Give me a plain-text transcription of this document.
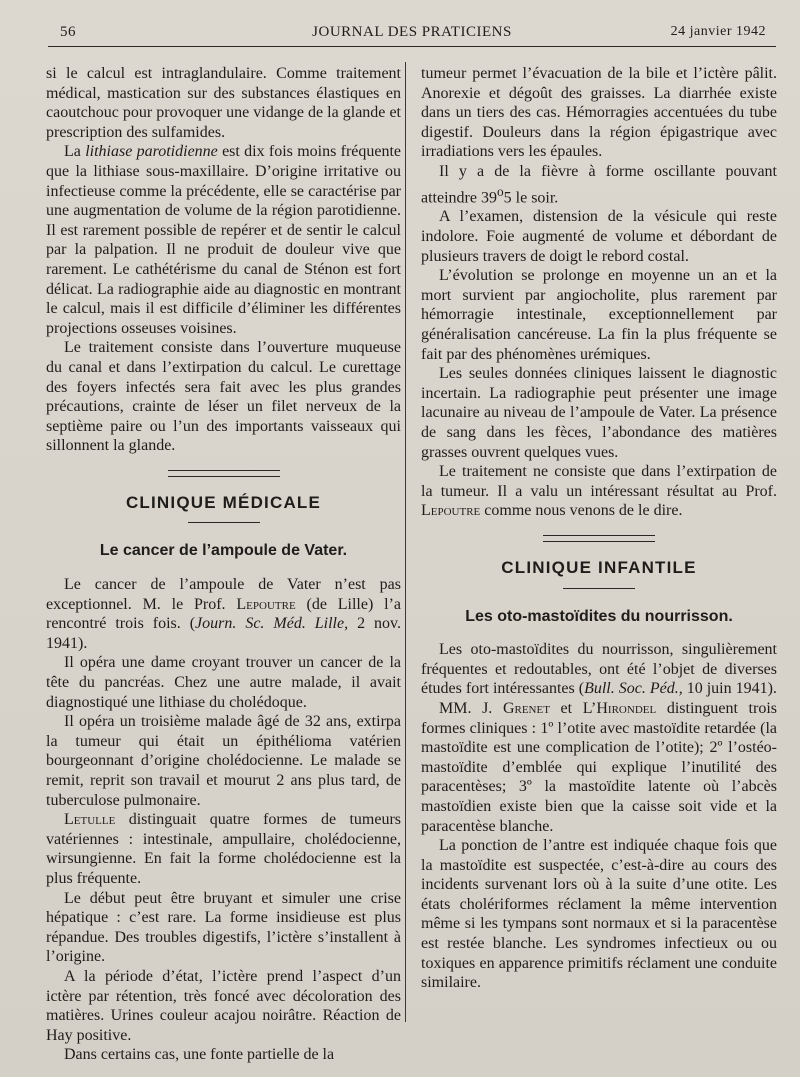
56	JOURNAL DES PRATICIENS	24 janvier 1942

si le calcul est intraglandulaire. Comme traitement médical, mastication sur des substances élastiques en caoutchouc pour provoquer une vidange de la glande et prescription des sulfamides.

La lithiase parotidienne est dix fois moins fréquente que la lithiase sous-maxillaire. D’origine irritative ou infectieuse comme la précédente, elle se caractérise par une augmentation de volume de la région parotidienne. Il est rarement possible de repérer et de sentir le calcul par la palpation. Il ne produit de douleur vive que rarement. Le cathétérisme du canal de Sténon est fort délicat. La radiographie aide au diagnostic en montrant le calcul, mais il est difficile d’éliminer les différentes projections osseuses voisines.

Le traitement consiste dans l’ouverture muqueuse du canal et dans l’extirpation du calcul. Le curettage des foyers infectés sera fait avec les plus grandes précautions, crainte de léser un filet nerveux de la septième paire ou l’un des importants vaisseaux qui sillonnent la glande.

CLINIQUE MÉDICALE
Le cancer de l’ampoule de Vater.

Le cancer de l’ampoule de Vater n’est pas exceptionnel. M. le Prof. Lepoutre (de Lille) l’a rencontré trois fois. (Journ. Sc. Méd. Lille, 2 nov. 1941).

Il opéra une dame croyant trouver un cancer de la tête du pancréas. Chez une autre malade, il avait diagnostiqué une lithiase du cholédoque.

Il opéra un troisième malade âgé de 32 ans, extirpa la tumeur qui était un épithélioma vatérien bourgeonnant d’origine cholédocienne. Le malade se remit, reprit son travail et mourut 2 ans plus tard, de tuberculose pulmonaire.

Letulle distinguait quatre formes de tumeurs vatériennes : intestinale, ampullaire, cholédocienne, wirsungienne. En fait la forme cholédocienne est la plus fréquente.

Le début peut être bruyant et simuler une crise hépatique : c’est rare. La forme insidieuse est plus répandue. Des troubles digestifs, l’ictère s’installent à l’origine.

A la période d’état, l’ictère prend l’aspect d’un ictère par rétention, très foncé avec décoloration des matières. Urines couleur acajou noirâtre. Réaction de Hay positive.

Dans certains cas, une fonte partielle de la

tumeur permet l’évacuation de la bile et l’ictère pâlit. Anorexie et dégoût des graisses. La diarrhée existe dans un tiers des cas. Hémorragies accentuées du tube digestif. Douleurs dans la région épigastrique avec irradiations vers les épaules.

Il y a de la fièvre à forme oscillante pouvant atteindre 39$^o$5 le soir.

A l’examen, distension de la vésicule qui reste indolore. Foie augmenté de volume et débordant de plusieurs travers de doigt le rebord costal.

L’évolution se prolonge en moyenne un an et la mort survient par angiocholite, plus rarement par hémorragie intestinale, exceptionnellement par généralisation cancéreuse. La fin la plus fréquente se fait par des phénomènes urémiques.

Les seules données cliniques laissent le diagnostic incertain. La radiographie peut présenter une image lacunaire au niveau de l’ampoule de Vater. La présence de sang dans les fèces, l’abondance des matières grasses ouvrent quelques vues.

Le traitement ne consiste que dans l’extirpation de la tumeur. Il a valu un intéressant résultat au Prof. Lepoutre comme nous venons de le dire.

CLINIQUE INFANTILE
Les oto-mastoïdites du nourrisson.

Les oto-mastoïdites du nourrisson, singulièrement fréquentes et redoutables, ont été l’objet de diverses études fort intéressantes (Bull. Soc. Péd., 10 juin 1941).

MM. J. Grenet et L’Hirondel distinguent trois formes cliniques : 1º l’otite avec mastoïdite retardée (la mastoïdite est une complication de l’otite); 2º l’ostéo-mastoïdite d’emblée qui explique l’inutilité des paracentèses; 3º la mastoïdite latente où l’abcès mastoïdien existe bien que la caisse soit vide et la paracentèse blanche.

La ponction de l’antre est indiquée chaque fois que la mastoïdite est suspectée, c’est-à-dire au cours des incidents survenant lors où à la suite d’une otite. Les états cholériformes réclament la même intervention même si les tympans sont normaux et si la paracentèse est restée blanche. Les syndromes infectieux ou ou toxiques en apparence primitifs réclament une conduite similaire.
